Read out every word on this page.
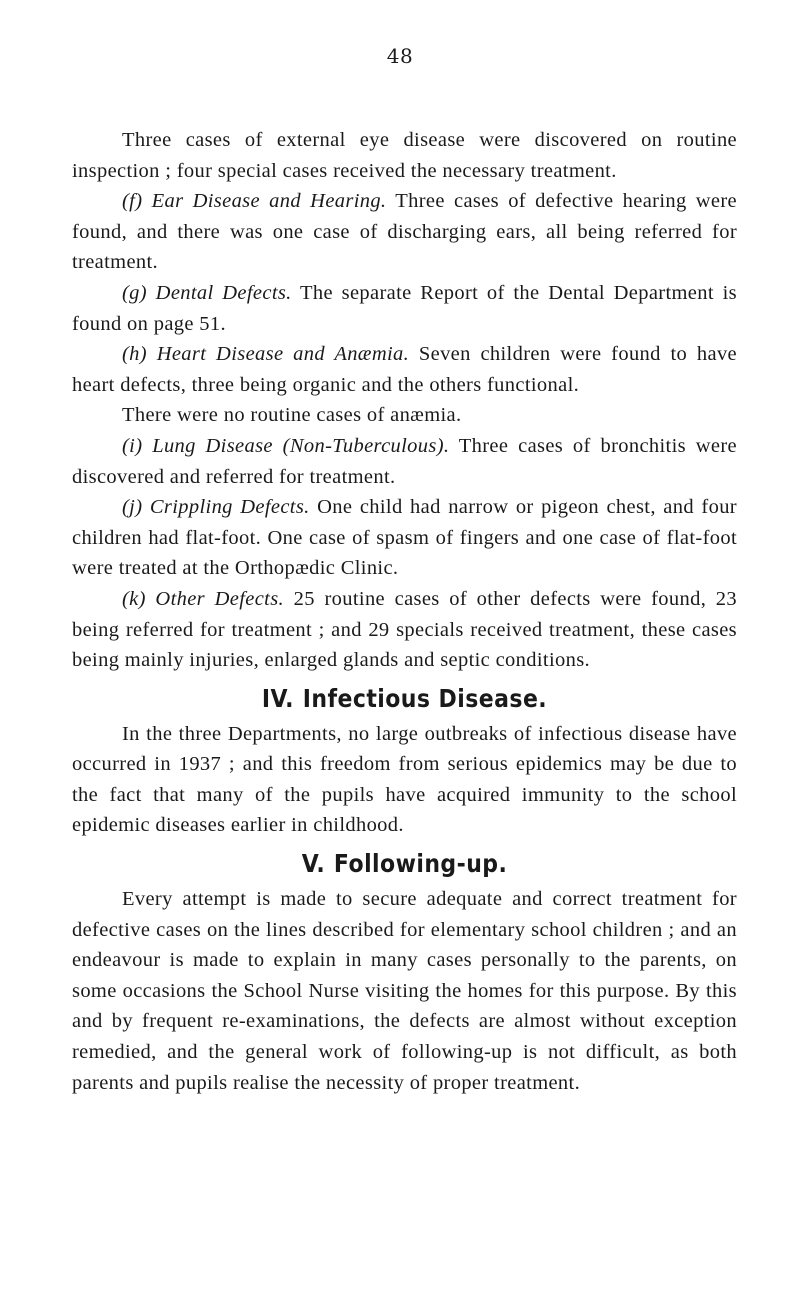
48

Three cases of external eye disease were discovered on routine inspection ; four special cases received the necessary treatment.

(f) Ear Disease and Hearing. Three cases of defective hearing were found, and there was one case of discharging ears, all being referred for treatment.

(g) Dental Defects. The separate Report of the Dental Department is found on page 51.

(h) Heart Disease and Anæmia. Seven children were found to have heart defects, three being organic and the others functional.

There were no routine cases of anæmia.

(i) Lung Disease (Non-Tuberculous). Three cases of bronchitis were discovered and referred for treatment.

(j) Crippling Defects. One child had narrow or pigeon chest, and four children had flat-foot. One case of spasm of fingers and one case of flat-foot were treated at the Orthopædic Clinic.

(k) Other Defects. 25 routine cases of other defects were found, 23 being referred for treatment ; and 29 specials received treatment, these cases being mainly injuries, enlarged glands and septic conditions.

IV. Infectious Disease.

In the three Departments, no large outbreaks of infectious disease have occurred in 1937 ; and this freedom from serious epidemics may be due to the fact that many of the pupils have acquired immunity to the school epidemic diseases earlier in childhood.

V. Following-up.

Every attempt is made to secure adequate and correct treatment for defective cases on the lines described for elementary school children ; and an endeavour is made to explain in many cases personally to the parents, on some occasions the School Nurse visiting the homes for this purpose. By this and by frequent re-examinations, the defects are almost without exception remedied, and the general work of following-up is not difficult, as both parents and pupils realise the necessity of proper treatment.
